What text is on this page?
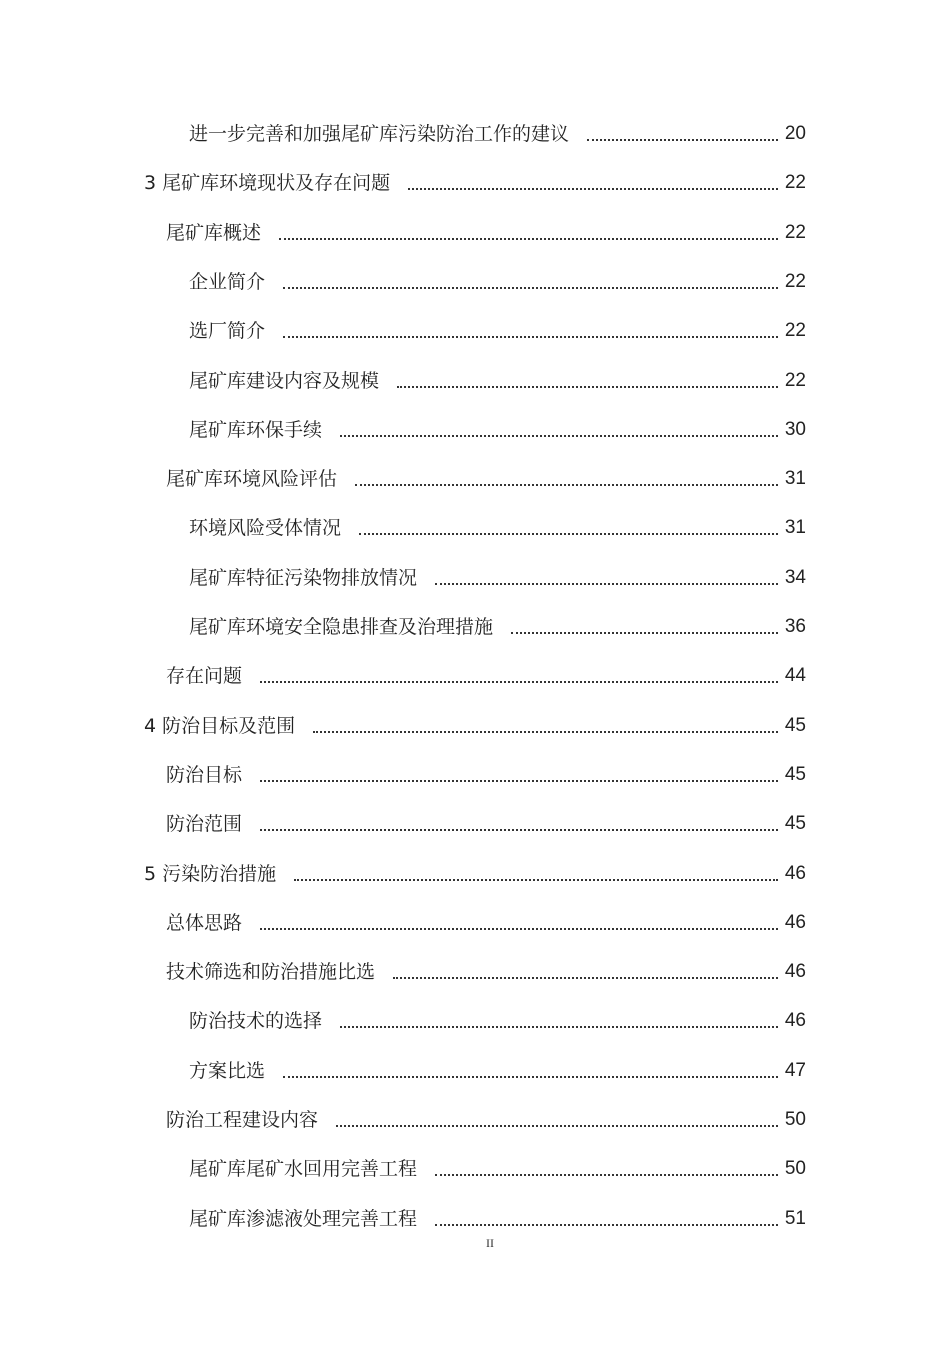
进一步完善和加强尾矿库污染防治工作的建议	20
3 尾矿库环境现状及存在问题	22
尾矿库概述	22
企业简介	22
选厂简介	22
尾矿库建设内容及规模	22
尾矿库环保手续	30
尾矿库环境风险评估	31
环境风险受体情况	31
尾矿库特征污染物排放情况	34
尾矿库环境安全隐患排查及治理措施	36
存在问题	44
4 防治目标及范围	45
防治目标	45
防治范围	45
5 污染防治措施	46
总体思路	46
技术筛选和防治措施比选	46
防治技术的选择	46
方案比选	47
防治工程建设内容	50
尾矿库尾矿水回用完善工程	50
尾矿库渗滤液处理完善工程	51
II
